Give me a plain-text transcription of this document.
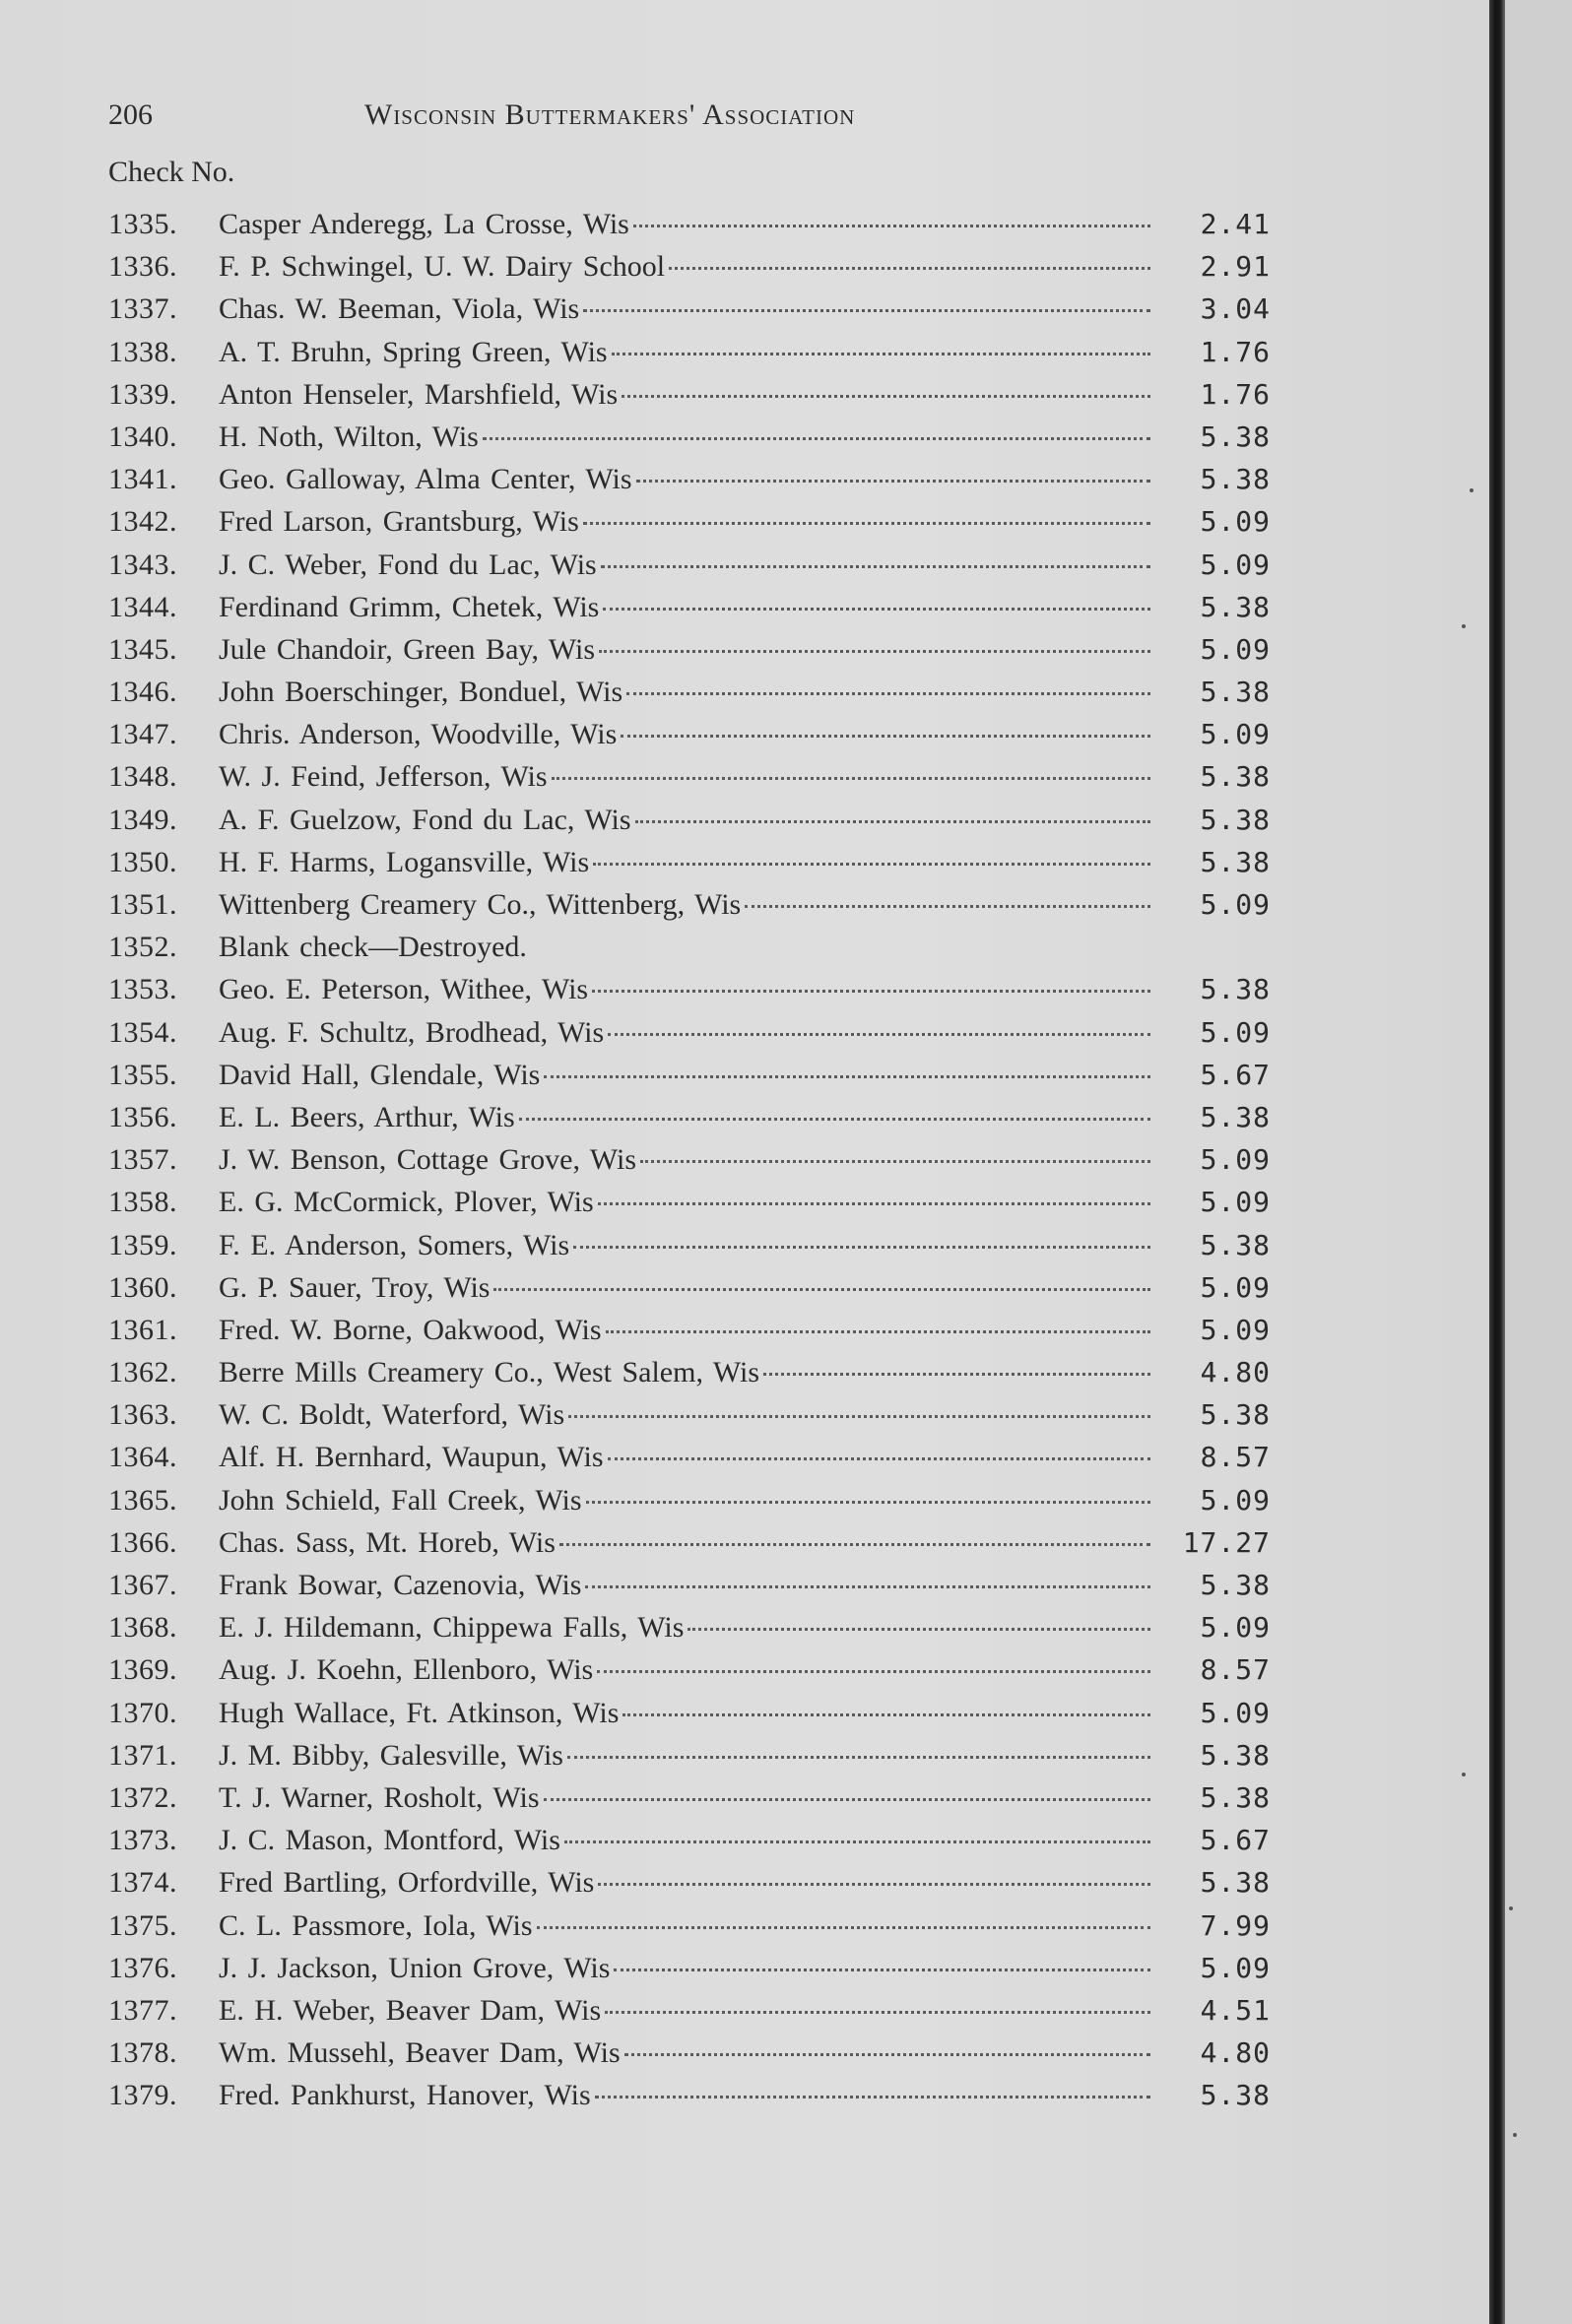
206	Wisconsin Buttermakers' Association
Check No.
1335.	Casper Anderegg, La Crosse, Wis	2.41
1336.	F. P. Schwingel, U. W. Dairy School	2.91
1337.	Chas. W. Beeman, Viola, Wis	3.04
1338.	A. T. Bruhn, Spring Green, Wis	1.76
1339.	Anton Henseler, Marshfield, Wis	1.76
1340.	H. Noth, Wilton, Wis	5.38
1341.	Geo. Galloway, Alma Center, Wis	5.38
1342.	Fred Larson, Grantsburg, Wis	5.09
1343.	J. C. Weber, Fond du Lac, Wis	5.09
1344.	Ferdinand Grimm, Chetek, Wis	5.38
1345.	Jule Chandoir, Green Bay, Wis	5.09
1346.	John Boerschinger, Bonduel, Wis	5.38
1347.	Chris. Anderson, Woodville, Wis	5.09
1348.	W. J. Feind, Jefferson, Wis	5.38
1349.	A. F. Guelzow, Fond du Lac, Wis	5.38
1350.	H. F. Harms, Logansville, Wis	5.38
1351.	Wittenberg Creamery Co., Wittenberg, Wis	5.09
1352.	Blank check—Destroyed.
1353.	Geo. E. Peterson, Withee, Wis	5.38
1354.	Aug. F. Schultz, Brodhead, Wis	5.09
1355.	David Hall, Glendale, Wis	5.67
1356.	E. L. Beers, Arthur, Wis	5.38
1357.	J. W. Benson, Cottage Grove, Wis	5.09
1358.	E. G. McCormick, Plover, Wis	5.09
1359.	F. E. Anderson, Somers, Wis	5.38
1360.	G. P. Sauer, Troy, Wis	5.09
1361.	Fred. W. Borne, Oakwood, Wis	5.09
1362.	Berre Mills Creamery Co., West Salem, Wis	4.80
1363.	W. C. Boldt, Waterford, Wis	5.38
1364.	Alf. H. Bernhard, Waupun, Wis	8.57
1365.	John Schield, Fall Creek, Wis	5.09
1366.	Chas. Sass, Mt. Horeb, Wis	17.27
1367.	Frank Bowar, Cazenovia, Wis	5.38
1368.	E. J. Hildemann, Chippewa Falls, Wis	5.09
1369.	Aug. J. Koehn, Ellenboro, Wis	8.57
1370.	Hugh Wallace, Ft. Atkinson, Wis	5.09
1371.	J. M. Bibby, Galesville, Wis	5.38
1372.	T. J. Warner, Rosholt, Wis	5.38
1373.	J. C. Mason, Montford, Wis	5.67
1374.	Fred Bartling, Orfordville, Wis	5.38
1375.	C. L. Passmore, Iola, Wis	7.99
1376.	J. J. Jackson, Union Grove, Wis	5.09
1377.	E. H. Weber, Beaver Dam, Wis	4.51
1378.	Wm. Mussehl, Beaver Dam, Wis	4.80
1379.	Fred. Pankhurst, Hanover, Wis	5.38
